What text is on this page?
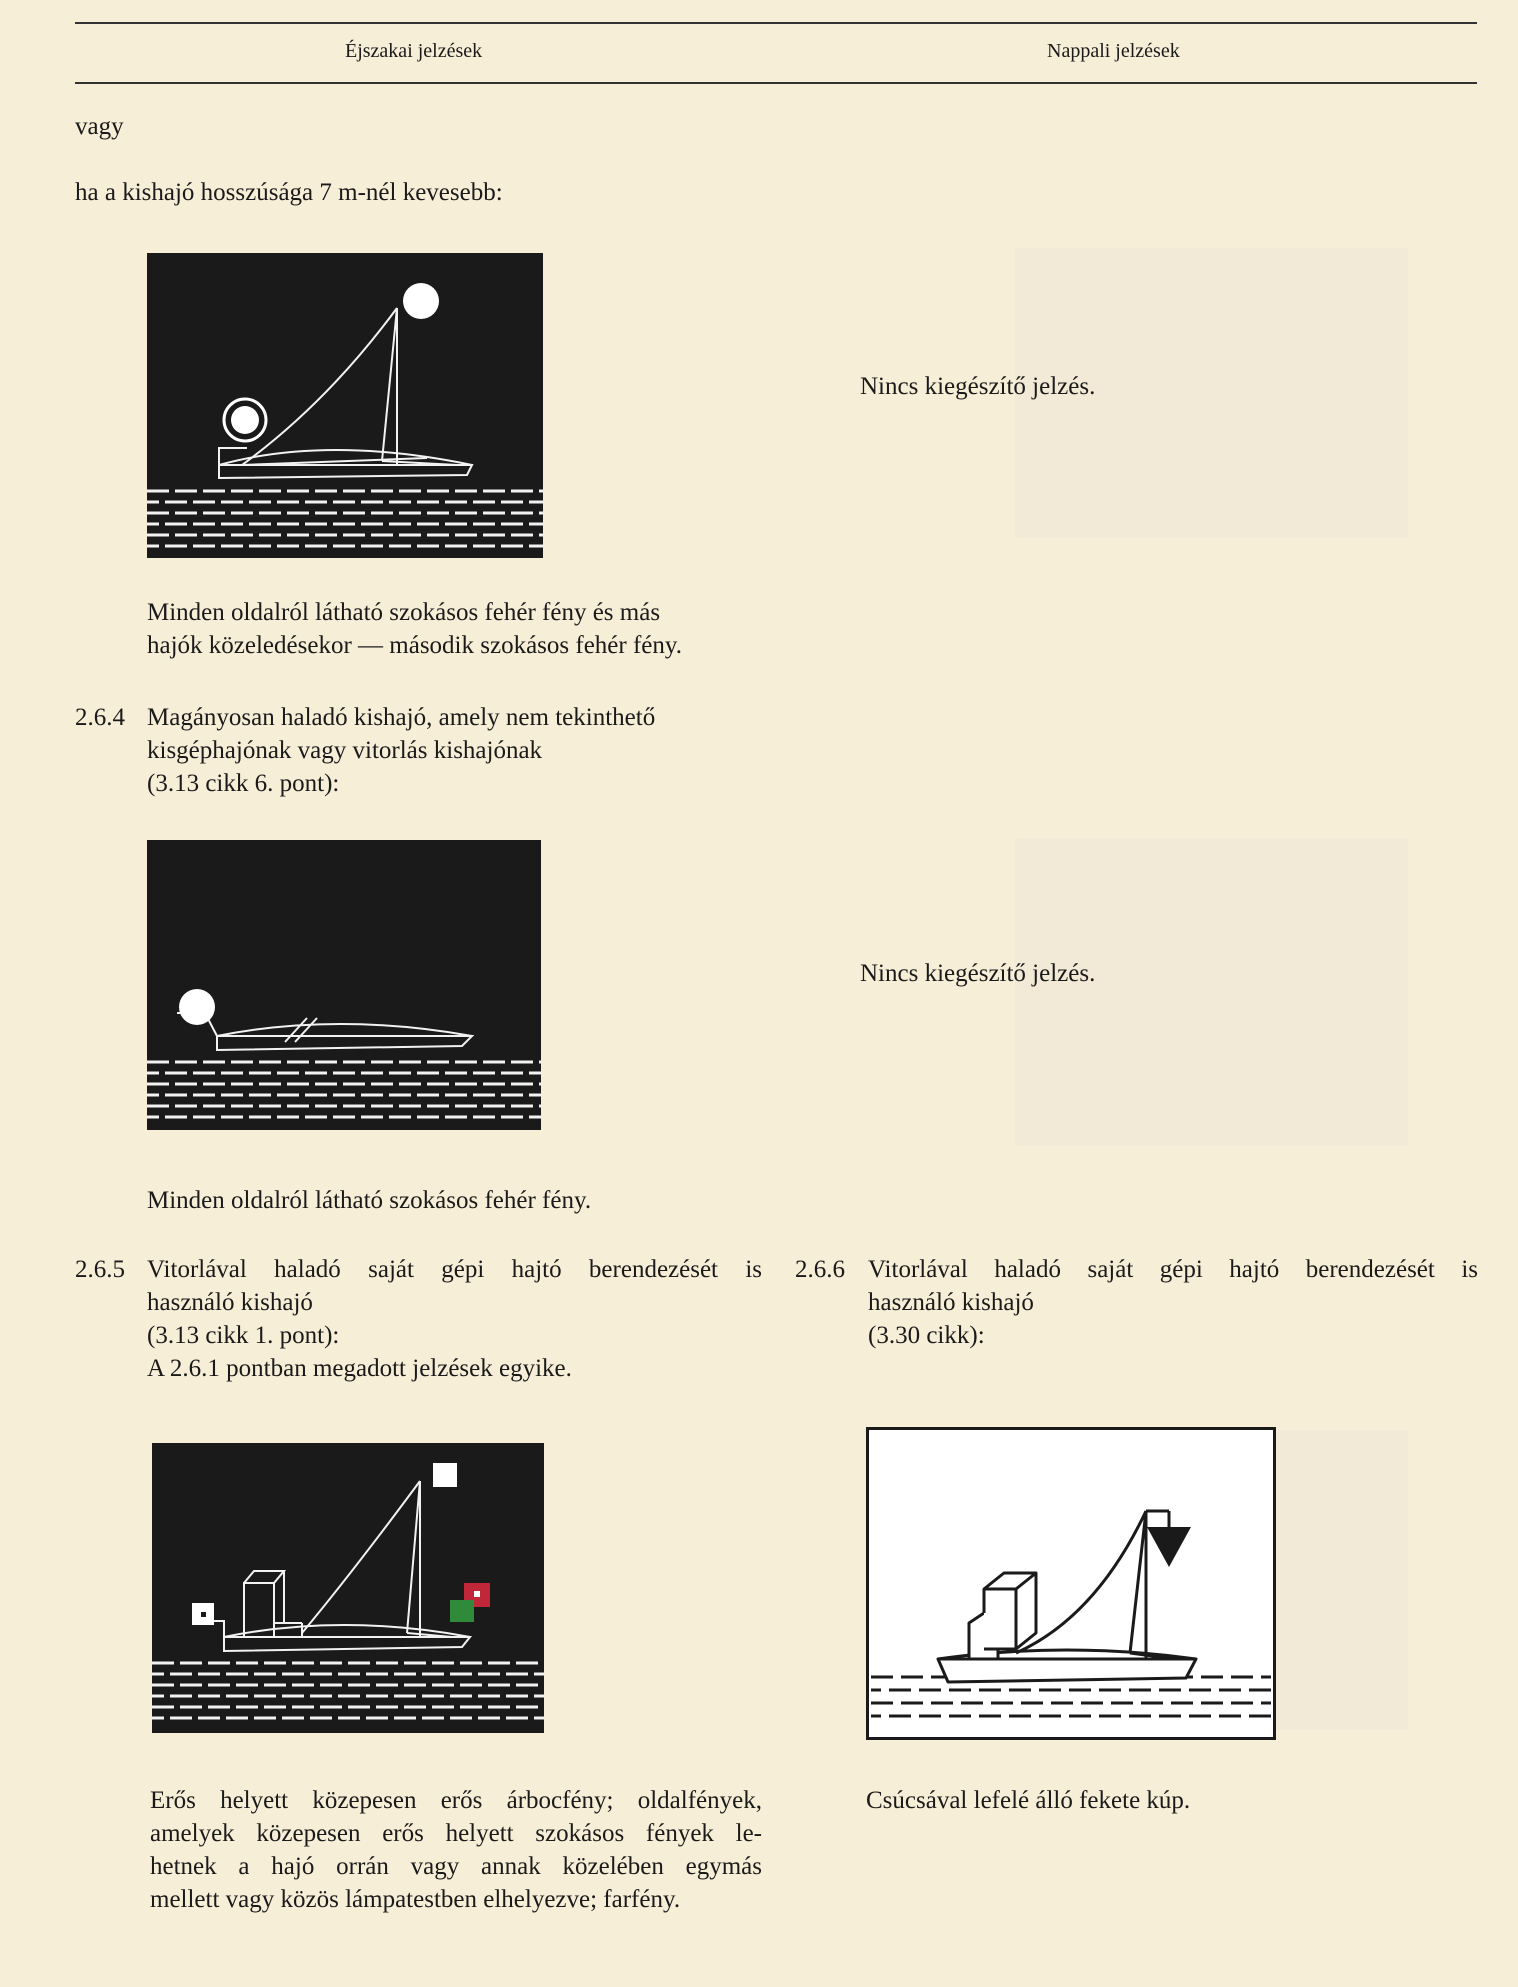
Éjszakai jelzések	Nappali jelzések
vagy
ha a kishajó hosszúsága 7 m-nél kevesebb:
Nincs kiegészítő jelzés.
Minden oldalról látható szokásos fehér fény és más
hajók közeledésekor — második szokásos fehér fény.
2.6.4 Magányosan haladó kishajó, amely nem tekinthető
kisgéphajónak vagy vitorlás kishajónak
(3.13 cikk 6. pont):
Nincs kiegészítő jelzés.
Minden oldalról látható szokásos fehér fény.
2.6.5 Vitorlával haladó saját gépi hajtó berendezését is
használó kishajó
(3.13 cikk 1. pont):
A 2.6.1 pontban megadott jelzések egyike.
2.6.6 Vitorlával haladó saját gépi hajtó berendezését is
használó kishajó
(3.30 cikk):
Erős helyett közepesen erős árbocfény; oldalfények,
amelyek közepesen erős helyett szokásos fények le-
hetnek a hajó orrán vagy annak közelében egymás
mellett vagy közös lámpatestben elhelyezve; farfény.
Csúcsával lefelé álló fekete kúp.
